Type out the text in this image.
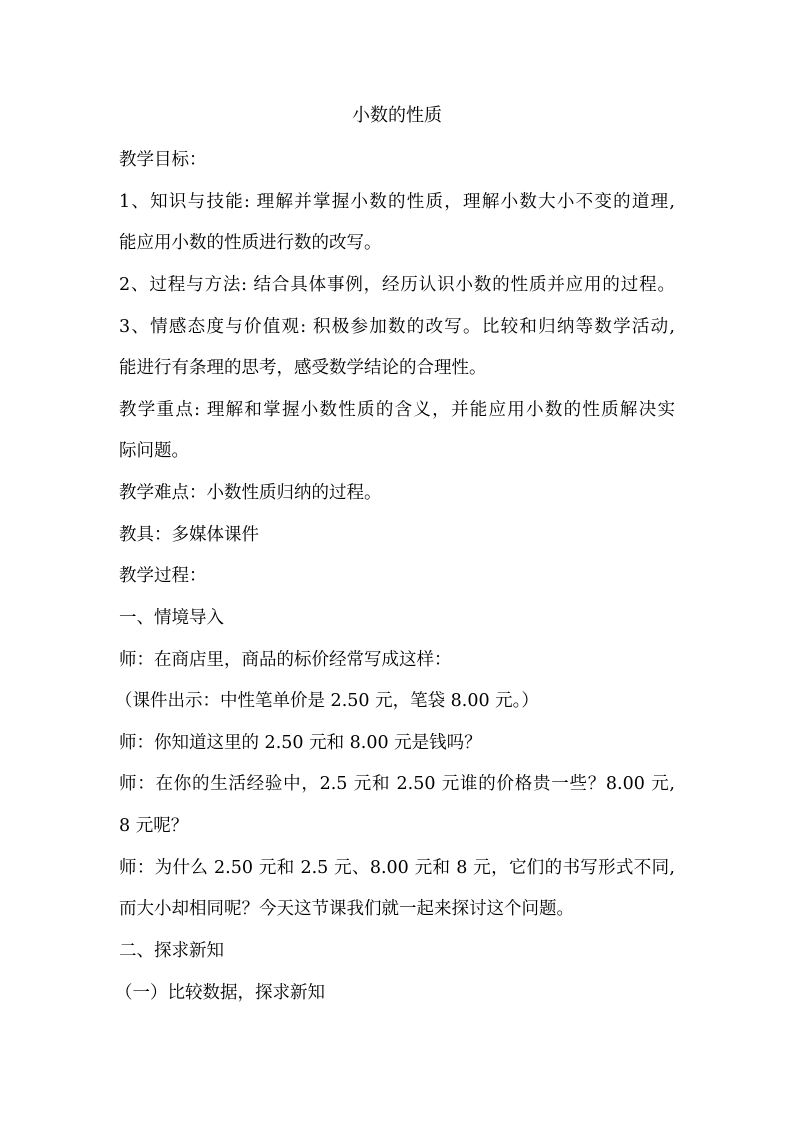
小数的性质
教学目标：
1、知识与技能: 理解并掌握小数的性质，理解小数大小不变的道理,
能应用小数的性质进行数的改写。
2、过程与方法: 结合具体事例，经历认识小数的性质并应用的过程。
3、情感态度与价值观: 积极参加数的改写。比较和归纳等数学活动,
能进行有条理的思考，感受数学结论的合理性。
教学重点: 理解和掌握小数性质的含义，并能应用小数的性质解决实
际问题。
教学难点：小数性质归纳的过程。
教具：多媒体课件
教学过程：
一、情境导入
师：在商店里，商品的标价经常写成这样：
（课件出示：中性笔单价是 2.50 元，笔袋 8.00 元。）
师：你知道这里的 2.50 元和 8.00 元是钱吗？
师：在你的生活经验中，2.5 元和 2.50 元谁的价格贵一些？8.00 元,
8 元呢？
师：为什么 2.50 元和 2.5 元、8.00 元和 8 元，它们的书写形式不同,
而大小却相同呢？今天这节课我们就一起来探讨这个问题。
二、探求新知
（一）比较数据，探求新知
